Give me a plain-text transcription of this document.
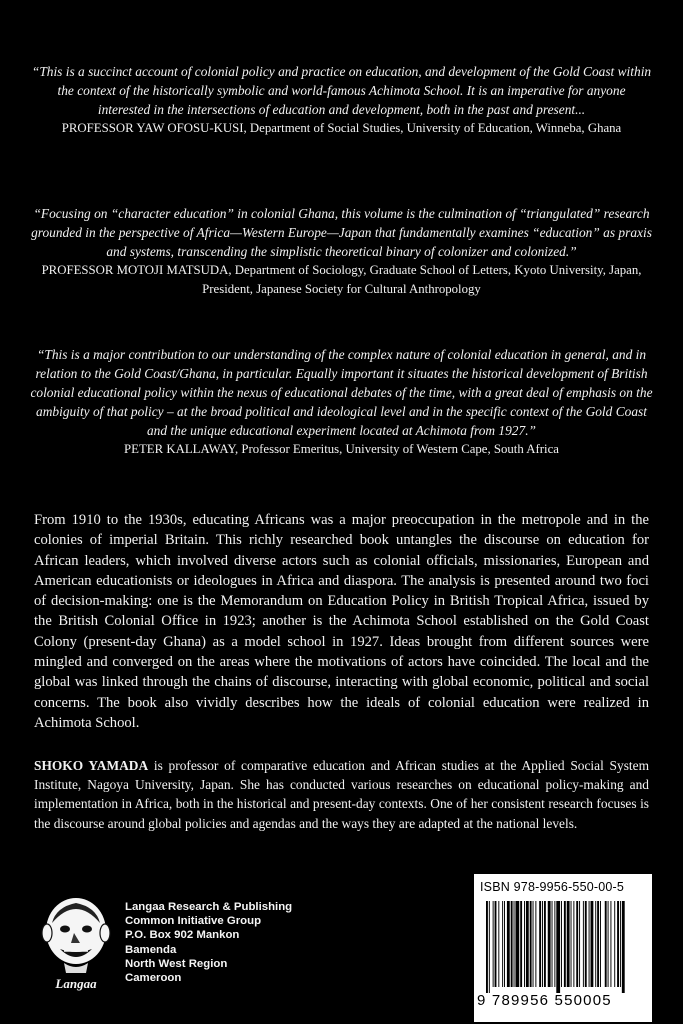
“This is a succinct account of colonial policy and practice on education, and development of the Gold Coast within the context of the historically symbolic and world-famous Achimota School. It is an imperative for anyone interested in the intersections of education and development, both in the past and present...
PROFESSOR YAW OFOSU-KUSI, Department of Social Studies, University of Education, Winneba, Ghana
“Focusing on “character education” in colonial Ghana, this volume is the culmination of “triangulated” research grounded in the perspective of Africa—Western Europe—Japan that fundamentally examines “education” as praxis and systems, transcending the simplistic theoretical binary of colonizer and colonized.”
PROFESSOR MOTOJI MATSUDA, Department of Sociology, Graduate School of Letters, Kyoto University, Japan, President, Japanese Society for Cultural Anthropology
“This is a major contribution to our understanding of the complex nature of colonial education in general, and in relation to the Gold Coast/Ghana, in particular. Equally important it situates the historical development of British colonial educational policy within the nexus of educational debates of the time, with a great deal of emphasis on the ambiguity of that policy – at the broad political and ideological level and in the specific context of the Gold Coast and the unique educational experiment located at Achimota from 1927.”
PETER KALLAWAY, Professor Emeritus, University of Western Cape, South Africa
From 1910 to the 1930s, educating Africans was a major preoccupation in the metropole and in the colonies of imperial Britain. This richly researched book untangles the discourse on education for African leaders, which involved diverse actors such as colonial officials, missionaries, European and American educationists or ideologues in Africa and diaspora. The analysis is presented around two foci of decision-making: one is the Memorandum on Education Policy in British Tropical Africa, issued by the British Colonial Office in 1923; another is the Achimota School established on the Gold Coast Colony (present-day Ghana) as a model school in 1927. Ideas brought from different sources were mingled and converged on the areas where the motivations of actors have coincided. The local and the global was linked through the chains of discourse, interacting with global economic, political and social concerns. The book also vividly describes how the ideals of colonial education were realized in Achimota School.
SHOKO YAMADA is professor of comparative education and African studies at the Applied Social System Institute, Nagoya University, Japan. She has conducted various researches on educational policy-making and implementation in Africa, both in the historical and present-day contexts. One of her consistent research focuses is the discourse around global policies and agendas and the ways they are adapted at the national levels.
Langaa
Langaa Research & Publishing
Common Initiative Group
P.O. Box 902 Mankon
Bamenda
North West Region
Cameroon
ISBN 978-9956-550-00-5
9 789956 550005
